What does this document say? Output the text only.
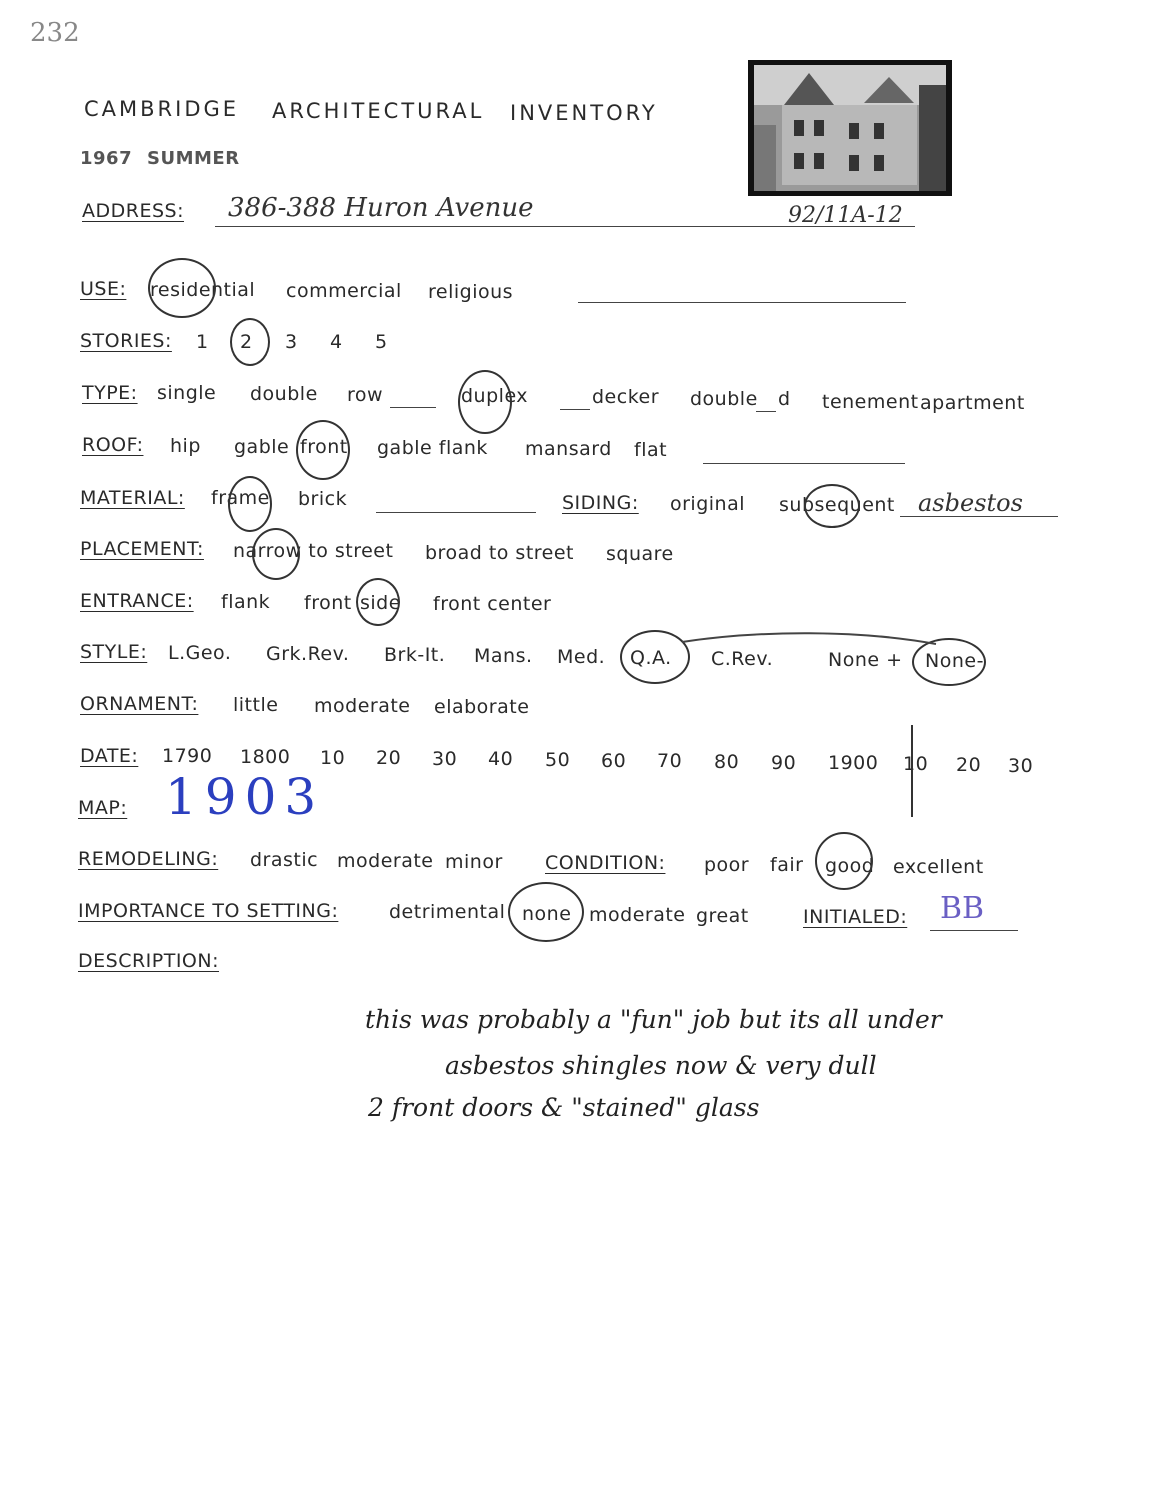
232
CAMBRIDGE ARCHITECTURAL INVENTORY
1967 SUMMER
ADDRESS: 386-388 Huron Avenue	92/11A-12
USE: residential commercial religious
STORIES: 1 2 3 4 5
TYPE: single double row	duplex	decker double d tenement apartment
ROOF: hip gable front gable flank mansard flat
MATERIAL: frame brick	SIDING: original subsequent asbestos
PLACEMENT: narrow to street broad to street square
ENTRANCE: flank front side front center
STYLE: L.Geo. Grk.Rev. Brk-It. Mans. Med. Q.A. C.Rev.	None + None-
ORNAMENT: little moderate elaborate
DATE: 1790 1800 10 20 30 40 50 60 70 80 90 1900 10 20 30
MAP: 1903
REMODELING: drastic moderate minor CONDITION: poor fair good excellent
IMPORTANCE TO SETTING:	detrimental none moderate great	INITIALED: BB
DESCRIPTION:
this was probably a "fun" job but its all under
asbestos shingles now & very dull
2 front doors & "stained" glass
